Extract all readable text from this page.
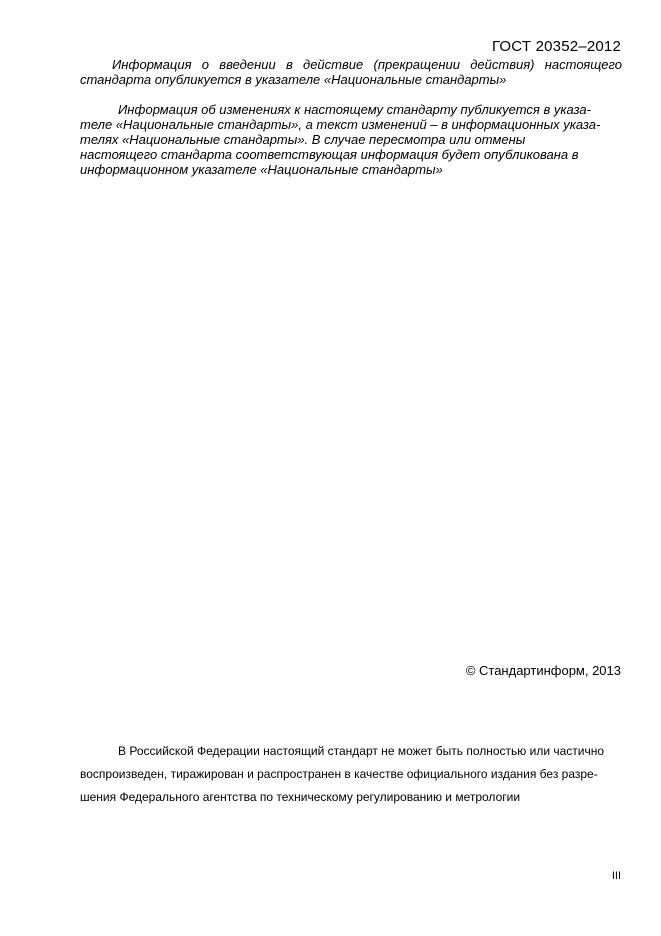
ГОСТ 20352–2012
Информация о введении в действие (прекращении действия) настоящего
стандарта опубликуется в указателе «Национальные стандарты»
Информация об изменениях к настоящему стандарту публикуется в указа-
теле «Национальные стандарты», а текст изменений – в информационных указа-
телях «Национальные стандарты». В случае пересмотра или отмены
настоящего стандарта соответствующая информация будет опубликована в
информационном указателе «Национальные стандарты»
© Стандартинформ, 2013
В Российской Федерации настоящий стандарт не может быть полностью или частично
воспроизведен, тиражирован и распространен в качестве официального издания без разре-
шения Федерального агентства по техническому регулированию и метрологии
III
